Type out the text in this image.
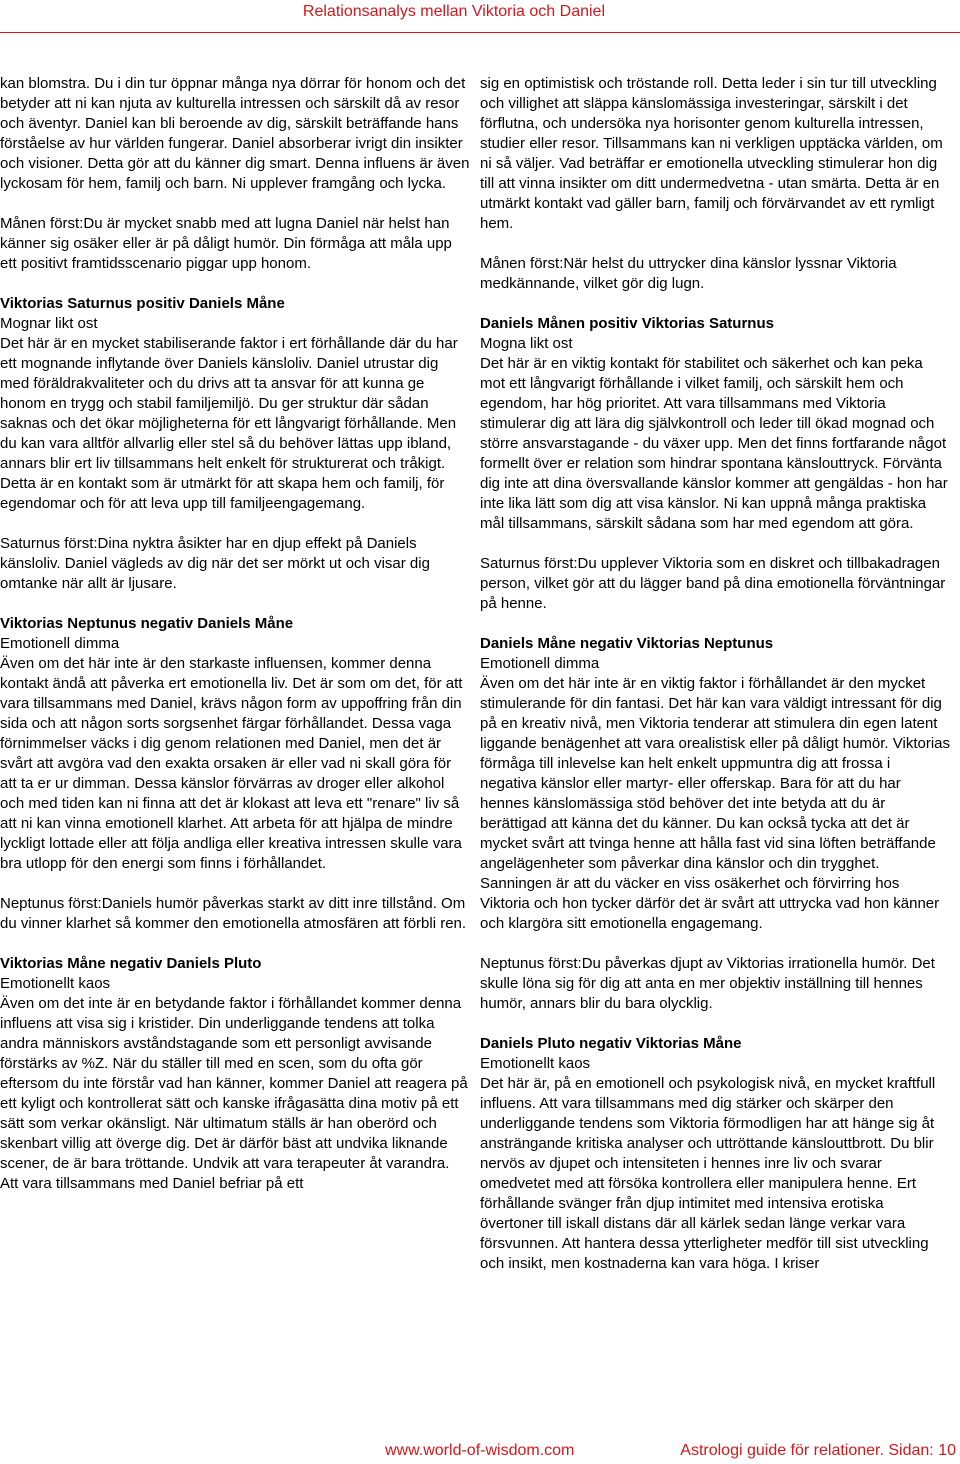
Relationsanalys mellan Viktoria och Daniel

kan blomstra. Du i din tur öppnar många nya dörrar för honom och det betyder att ni kan njuta av kulturella intressen och särskilt då av resor och äventyr. Daniel kan bli beroende av dig, särskilt beträffande hans förståelse av hur världen fungerar. Daniel absorberar ivrigt din insikter och visioner. Detta gör att du känner dig smart. Denna influens är även lyckosam för hem, familj och barn. Ni upplever framgång och lycka.

Månen först:Du är mycket snabb med att lugna Daniel när helst han känner sig osäker eller är på dåligt humör. Din förmåga att måla upp ett positivt framtidsscenario piggar upp honom.

Viktorias Saturnus positiv Daniels Måne
Mognar likt ost

Det här är en mycket stabiliserande faktor i ert förhållande där du har ett mognande inflytande över Daniels känsloliv. Daniel utrustar dig med föräldrakvaliteter och du drivs att ta ansvar för att kunna ge honom en trygg och stabil familjemiljö. Du ger struktur där sådan saknas och det ökar möjligheterna för ett långvarigt förhållande. Men du kan vara alltför allvarlig eller stel så du behöver lättas upp ibland, annars blir ert liv tillsammans helt enkelt för strukturerat och tråkigt. Detta är en kontakt som är utmärkt för att skapa hem och familj, för egendomar och för att leva upp till familjeengagemang.

Saturnus först:Dina nyktra åsikter har en djup effekt på Daniels känsloliv. Daniel vägleds av dig när det ser mörkt ut och visar dig omtanke när allt är ljusare.

Viktorias Neptunus negativ Daniels Måne
Emotionell dimma

Även om det här inte är den starkaste influensen, kommer denna kontakt ändå att påverka ert emotionella liv. Det är som om det, för att vara tillsammans med Daniel, krävs någon form av uppoffring från din sida och att någon sorts sorgsenhet färgar förhållandet. Dessa vaga förnimmelser väcks i dig genom relationen med Daniel, men det är svårt att avgöra vad den exakta orsaken är eller vad ni skall göra för att ta er ur dimman. Dessa känslor förvärras av droger eller alkohol och med tiden kan ni finna att det är klokast att leva ett "renare" liv så att ni kan vinna emotionell klarhet. Att arbeta för att hjälpa de mindre lyckligt lottade eller att följa andliga eller kreativa intressen skulle vara bra utlopp för den energi som finns i förhållandet.

Neptunus först:Daniels humör påverkas starkt av ditt inre tillstånd. Om du vinner klarhet så kommer den emotionella atmosfären att förbli ren.

Viktorias Måne negativ Daniels Pluto
Emotionellt kaos

Även om det inte är en betydande faktor i förhållandet kommer denna influens att visa sig i kristider. Din underliggande tendens att tolka andra människors avståndstagande som ett personligt avvisande förstärks av %Z. När du ställer till med en scen, som du ofta gör eftersom du inte förstår vad han känner, kommer Daniel att reagera på ett kyligt och kontrollerat sätt och kanske ifrågasätta dina motiv på ett sätt som verkar okänsligt. När ultimatum ställs är han oberörd och skenbart villig att överge dig. Det är därför bäst att undvika liknande scener, de är bara tröttande. Undvik att vara terapeuter åt varandra. Att vara tillsammans med Daniel befriar på ett

sig en optimistisk och tröstande roll. Detta leder i sin tur till utveckling och villighet att släppa känslomässiga investeringar, särskilt i det förflutna, och undersöka nya horisonter genom kulturella intressen, studier eller resor. Tillsammans kan ni verkligen upptäcka världen, om ni så väljer. Vad beträffar er emotionella utveckling stimulerar hon dig till att vinna insikter om ditt undermedvetna - utan smärta. Detta är en utmärkt kontakt vad gäller barn, familj och förvärvandet av ett rymligt hem.

Månen först:När helst du uttrycker dina känslor lyssnar Viktoria medkännande, vilket gör dig lugn.

Daniels Månen positiv Viktorias Saturnus
Mogna likt ost

Det här är en viktig kontakt för stabilitet och säkerhet och kan peka mot ett långvarigt förhållande i vilket familj, och särskilt hem och egendom, har hög prioritet. Att vara tillsammans med Viktoria stimulerar dig att lära dig självkontroll och leder till ökad mognad och större ansvarstagande - du växer upp. Men det finns fortfarande något formellt över er relation som hindrar spontana känslouttryck. Förvänta dig inte att dina översvallande känslor kommer att gengäldas - hon har inte lika lätt som dig att visa känslor. Ni kan uppnå många praktiska mål tillsammans, särskilt sådana som har med egendom att göra.

Saturnus först:Du upplever Viktoria som en diskret och tillbakadragen person, vilket gör att du lägger band på dina emotionella förväntningar på henne.

Daniels Måne negativ Viktorias Neptunus
Emotionell dimma

Även om det här inte är en viktig faktor i förhållandet är den mycket stimulerande för din fantasi. Det här kan vara väldigt intressant för dig på en kreativ nivå, men Viktoria tenderar att stimulera din egen latent liggande benägenhet att vara orealistisk eller på dåligt humör. Viktorias förmåga till inlevelse kan helt enkelt uppmuntra dig att frossa i negativa känslor eller martyr- eller offerskap. Bara för att du har hennes känslomässiga stöd behöver det inte betyda att du är berättigad att känna det du känner. Du kan också tycka att det är mycket svårt att tvinga henne att hålla fast vid sina löften beträffande angelägenheter som påverkar dina känslor och din trygghet. Sanningen är att du väcker en viss osäkerhet och förvirring hos Viktoria och hon tycker därför det är svårt att uttrycka vad hon känner och klargöra sitt emotionella engagemang.

Neptunus först:Du påverkas djupt av Viktorias irrationella humör. Det skulle löna sig för dig att anta en mer objektiv inställning till hennes humör, annars blir du bara olycklig.

Daniels Pluto negativ Viktorias Måne
Emotionellt kaos

Det här är, på en emotionell och psykologisk nivå, en mycket kraftfull influens. Att vara tillsammans med dig stärker och skärper den underliggande tendens som Viktoria förmodligen har att hänge sig åt ansträngande kritiska analyser och uttröttande känslouttbrott. Du blir nervös av djupet och intensiteten i hennes inre liv och svarar omedvetet med att försöka kontrollera eller manipulera henne. Ert förhållande svänger från djup intimitet med intensiva erotiska övertoner till iskall distans där all kärlek sedan länge verkar vara försvunnen. Att hantera dessa ytterligheter medför till sist utveckling och insikt, men kostnaderna kan vara höga. I kriser

www.world-of-wisdom.com	Astrologi guide för relationer. Sidan: 10
